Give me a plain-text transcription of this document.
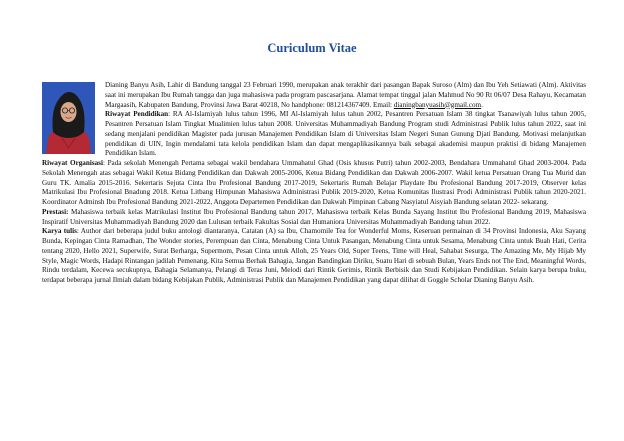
Curiculum Vitae

Dianing Banyu Asih, Lahir di Bandung tanggal 23 Februari 1990, merupakan anak terakhir dari pasangan Bapak Suroso (Alm) dan Ibu Yeh Setiawati (Alm). Aktivitas saat ini merupakan Ibu Rumah tangga dan juga mahasiswa pada program pascasarjana. Alamat tempat tinggal jalan Mahmud No 90 Rt 06/07 Desa Rahayu, Kecamatan Margaasih, Kabupaten Bandung, Provinsi Jawa Barat 40218, No handphone: 081214367409. Email: dianingbanyuasih@gmail.com.

Riwayat Pendidikan: RA Al-Islamiyah lulus tahun 1996, MI Al-Islamiyah lulus tahun 2002, Pesantren Persatuan Islam 38 tingkat Tsanawiyah lulus tahun 2005, Pesantren Persatuan Islam Tingkat Mualimien lulus tahun 2008. Universitas Muhammadiyah Bandung Program studi Administrasi Publik lulus tahun 2022, saat ini sedang menjalani pendidikan Magister pada jurusan Manajemen Pendidikan Islam di Universitas Islam Negeri Sunan Gunung Djati Bandung. Motivasi melanjutkan pendidikan di UIN, Ingin mendalami tata kelola pendidikan Islam dan dapat mengaplikasikannya baik sebagai akademisi maupun praktisi di bidang Manajemen Pendidikan Islam.

Riwayat Organisasi: Pada sekolah Menengah Pertama sebagai wakil bendahara Ummahatul Ghad (Osis khusus Putri) tahun 2002-2003, Bendahara Ummahatul Ghad 2003-2004. Pada Sekolah Menengah atas sebagai Wakil Ketua Bidang Pendidikan dan Dakwah 2005-2006, Ketua Bidang Pendidikan dan Dakwah 2006-2007. Wakil ketua Persatuan Orang Tua Murid dan Guru TK. Amalia 2015-2016. Sekertaris Sejuta Cinta Ibu Profesional Bandung 2017-2019, Sekertaris Rumah Belajar Playdate Ibu Profesional Bandung 2017-2019, Observer kelas Matrikulasi Ibu Profesional Bnadung 2018. Ketua Litbang Himpunan Mahasiswa Administrasi Publik 2019-2020, Ketua Komunitas Ilustrasi Prodi Administrasi Publik tahun 2020-2021. Koordinator Adminsh Ibu Profesional Bandung 2021-2022, Anggota Departemen Pendidikan dan Dakwah Pimpinan Cabang Nasyiatul Aisyiah Bandung selatan 2022- sekarang.

Prestasi: Mahasiswa terbaik kelas Matrikulasi Institut Ibu Profesional Bandung tahun 2017, Mahasiswa terbaik Kelas Bunda Sayang Institut Ibu Profesional Bandung 2019, Mahasiswa Inspiratif Universitas Muhammadiyah Bandung 2020 dan Lulusan terbaik Fakultas Sosial dan Humaniora Universitas Muhammadiyah Bandung tahun 2022.

Karya tulis: Author dari beberapa judul buku antologi diantaranya, Catatan (A) sa Ibu, Chamomile Tea for Wonderful Moms, Keseruan permainan di 34 Provinsi Indonesia, Aku Sayang Bunda, Kepingan Cinta Ramadhan, The Wonder stories, Perempuan dan Cinta, Menabung Cinta Untuk Pasangan, Menabung Cinta untuk Sesama, Menabung Cinta untuk Buah Hati, Cerita tentang 2020, Hello 2021, Superwife, Surat Berharga, Supermom, Pesan Cinta untuk Alloh, 25 Years Old, Super Teens, Time will Heal, Sahabat Sesurga, The Amazing Me, My Hijab My Style, Magic Words, Hadapi Rintangan jadilah Pemenang, Kita Semua Berhak Bahagia, Jangan Bandingkan Diriku, Suatu Hari di sebuah Bulan, Years Ends not The End, Meaningful Words, Rindu terdalam, Kecewa secukupnya, Bahagia Selamanya, Pelangi di Teras Juni, Melodi dari Rintik Gerimis, Rintik Berbisik dan Studi Kebijakan Pendidikan. Selain karya berupa buku, terdapat beberapa jurnal Ilmiah dalam bidang Kebijakan Publik, Administrasi Publik dan Manajemen Pendidikan yang dapat dilihat di Goggle Scholar Dianing Banyu Asih.
